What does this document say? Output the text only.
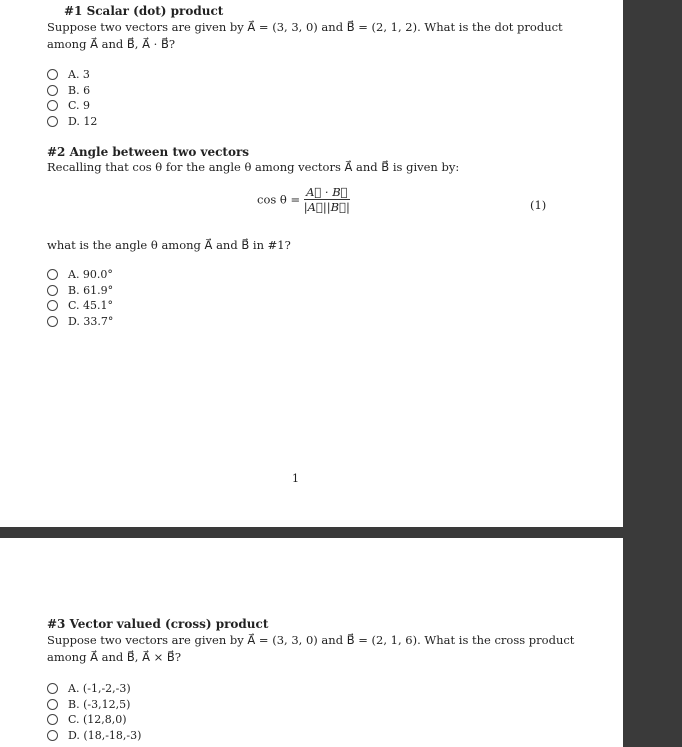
#1 Scalar (dot) product
Suppose two vectors are given by A⃗ = (3, 3, 0) and B⃗ = (2, 1, 2). What is the dot product
among A⃗ and B⃗, A⃗ · B⃗?
A. 3
B. 6
C. 9
D. 12
#2 Angle between two vectors
Recalling that cos θ for the angle θ among vectors A⃗ and B⃗ is given by:
$\cos \theta = \frac{A⃗ \cdot B⃗}{|A⃗||B⃗|}$	(1)
what is the angle θ among A⃗ and B⃗ in #1?
A. 90.0°
B. 61.9°
C. 45.1°
D. 33.7°
1
#3 Vector valued (cross) product
Suppose two vectors are given by A⃗ = (3, 3, 0) and B⃗ = (2, 1, 6). What is the cross product
among A⃗ and B⃗, A⃗ × B⃗?
A. (-1,-2,-3)
B. (-3,12,5)
C. (12,8,0)
D. (18,-18,-3)
